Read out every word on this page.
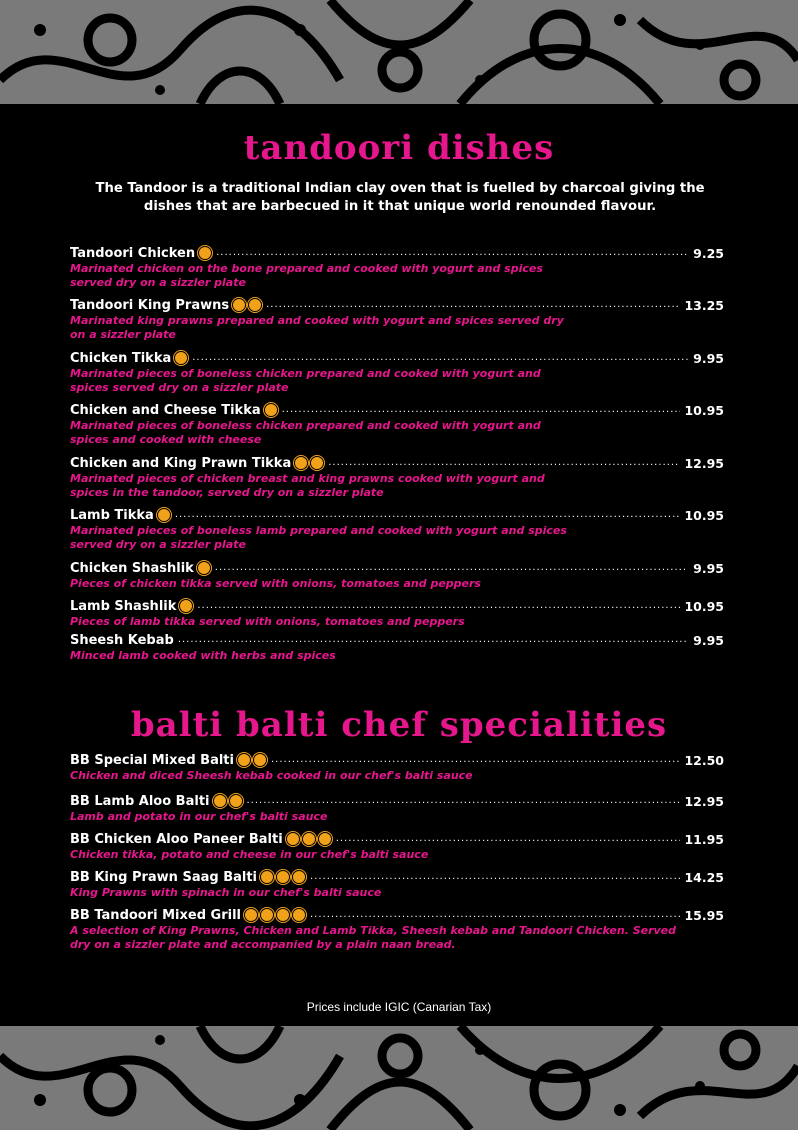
tandoori dishes
The Tandoor is a traditional Indian clay oven that is fuelled by charcoal giving the dishes that are barbecued in it that unique world renounded flavour.
Tandoori Chicken .....	9.25
Marinated chicken on the bone prepared and cooked with yogurt and spices served dry on a sizzler plate
Tandoori King Prawns .....	13.25
Marinated king prawns prepared and cooked with yogurt and spices served dry on a sizzler plate
Chicken Tikka .....	9.95
Marinated pieces of boneless chicken prepared and cooked with yogurt and spices served dry on a sizzler plate
Chicken and Cheese Tikka .....	10.95
Marinated pieces of boneless chicken prepared and cooked with yogurt and spices and cooked with cheese
Chicken and King Prawn Tikka .....	12.95
Marinated pieces of chicken breast and king prawns cooked with yogurt and spices in the tandoor, served dry on a sizzler plate
Lamb Tikka .....	10.95
Marinated pieces of boneless lamb prepared and cooked with yogurt and spices served dry on a sizzler plate
Chicken Shashlik .....	9.95
Pieces of chicken tikka served with onions, tomatoes and peppers
Lamb Shashlik .....	10.95
Pieces of lamb tikka served with onions, tomatoes and peppers
Sheesh Kebab .....	9.95
Minced lamb cooked with herbs and spices
balti balti chef specialities
BB Special Mixed Balti .....	12.50
Chicken and diced Sheesh kebab cooked in our chef's balti sauce
BB Lamb Aloo Balti .....	12.95
Lamb and potato in our chef's balti sauce
BB Chicken Aloo Paneer Balti .....	11.95
Chicken tikka, potato and cheese in our chef's balti sauce
BB King Prawn Saag Balti .....	14.25
King Prawns with spinach in our chef's balti sauce
BB Tandoori Mixed Grill .....	15.95
A selection of King Prawns, Chicken and Lamb Tikka, Sheesh kebab and Tandoori Chicken. Served dry on a sizzler plate and accompanied by a plain naan bread.
Prices include IGIC (Canarian Tax)
